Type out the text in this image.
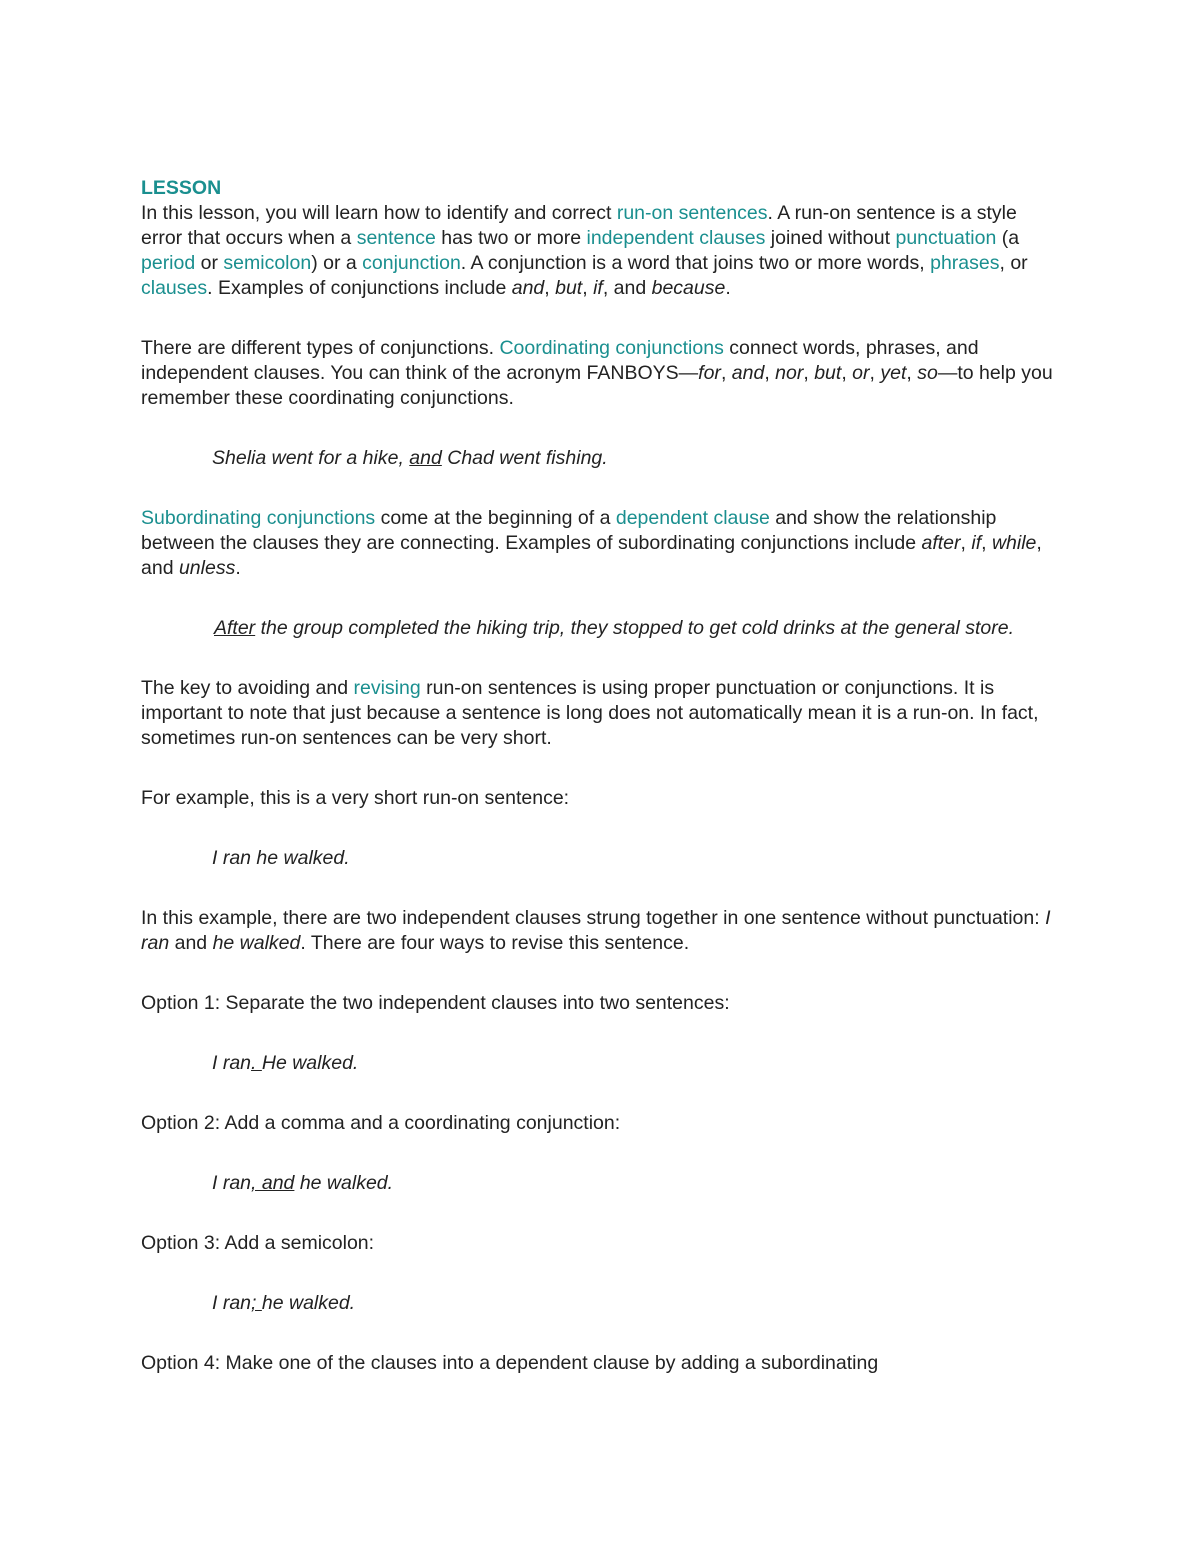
LESSON

In this lesson, you will learn how to identify and correct run-on sentences. A run-on sentence is a style error that occurs when a sentence has two or more independent clauses joined without punctuation (a period or semicolon) or a conjunction. A conjunction is a word that joins two or more words, phrases, or clauses. Examples of conjunctions include and, but, if, and because.

There are different types of conjunctions. Coordinating conjunctions connect words, phrases, and independent clauses. You can think of the acronym FANBOYS—for, and, nor, but, or, yet, so—to help you remember these coordinating conjunctions.

Shelia went for a hike, and Chad went fishing.

Subordinating conjunctions come at the beginning of a dependent clause and show the relationship between the clauses they are connecting. Examples of subordinating conjunctions include after, if, while, and unless.

After the group completed the hiking trip, they stopped to get cold drinks at the general store.

The key to avoiding and revising run-on sentences is using proper punctuation or conjunctions. It is important to note that just because a sentence is long does not automatically mean it is a run-on. In fact, sometimes run-on sentences can be very short.

For example, this is a very short run-on sentence:

I ran he walked.

In this example, there are two independent clauses strung together in one sentence without punctuation: I ran and he walked. There are four ways to revise this sentence.

Option 1: Separate the two independent clauses into two sentences:

I ran. He walked.

Option 2: Add a comma and a coordinating conjunction:

I ran, and he walked.

Option 3: Add a semicolon:

I ran; he walked.

Option 4: Make one of the clauses into a dependent clause by adding a subordinating
